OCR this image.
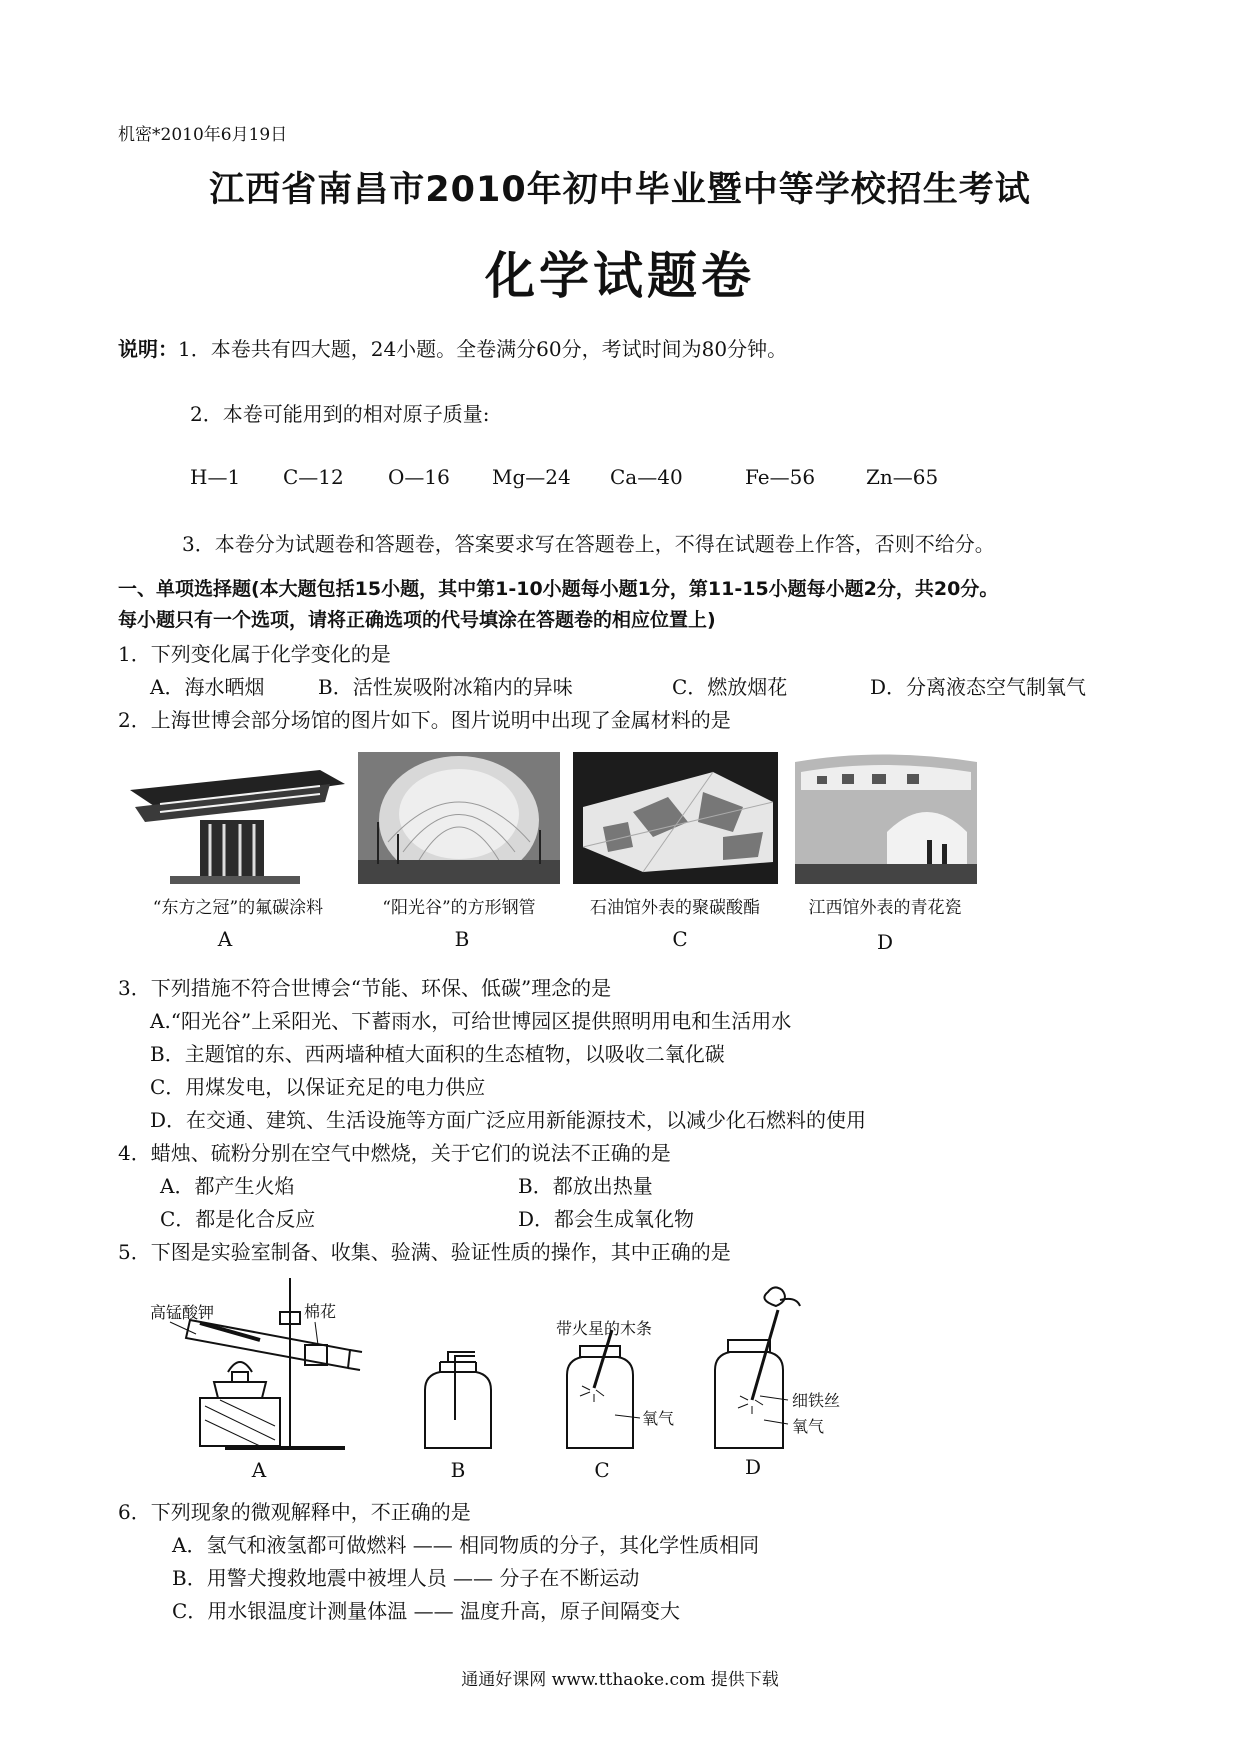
机密*2010年6月19日
江西省南昌市2010年初中毕业暨中等学校招生考试
化学试题卷
说明：1．本卷共有四大题，24小题。全卷满分60分，考试时间为80分钟。
2．本卷可能用到的相对原子质量:
H—1 C—12 O—16 Mg—24 Ca—40	Fe—56	Zn—65
3．本卷分为试题卷和答题卷，答案要求写在答题卷上，不得在试题卷上作答，否则不给分。
一、单项选择题(本大题包括15小题，其中第1-10小题每小题1分，第11-15小题每小题2分，共20分。
每小题只有一个选项，请将正确选项的代号填涂在答题卷的相应位置上)
1．下列变化属于化学变化的是
A．海水晒烟	B．活性炭吸附冰箱内的异味	C．燃放烟花	D．分离液态空气制氧气
2．上海世博会部分场馆的图片如下。图片说明中出现了金属材料的是
“东方之冠”的氟碳涂料	“阳光谷”的方形钢管	石油馆外表的聚碳酸酯	江西馆外表的青花瓷
A	B	C	D
3．下列措施不符合世博会“节能、环保、低碳”理念的是
A.“阳光谷”上采阳光、下蓄雨水，可给世博园区提供照明用电和生活用水
B．主题馆的东、西两墙种植大面积的生态植物，以吸收二氧化碳
C．用煤发电，以保证充足的电力供应
D．在交通、建筑、生活设施等方面广泛应用新能源技术，以减少化石燃料的使用
4．蜡烛、硫粉分别在空气中燃烧，关于它们的说法不正确的是
A．都产生火焰	B．都放出热量
C．都是化合反应	D．都会生成氧化物
5．下图是实验室制备、收集、验满、验证性质的操作，其中正确的是
高锰酸钾	棉花
带火星的木条
氧气
细铁丝
氧气
A	B	C	D
6．下列现象的微观解释中，不正确的是
A．氢气和液氢都可做燃料 —— 相同物质的分子，其化学性质相同
B．用警犬搜救地震中被埋人员 —— 分子在不断运动
C．用水银温度计测量体温 —— 温度升高，原子间隔变大
通通好课网 www.tthaoke.com 提供下载
